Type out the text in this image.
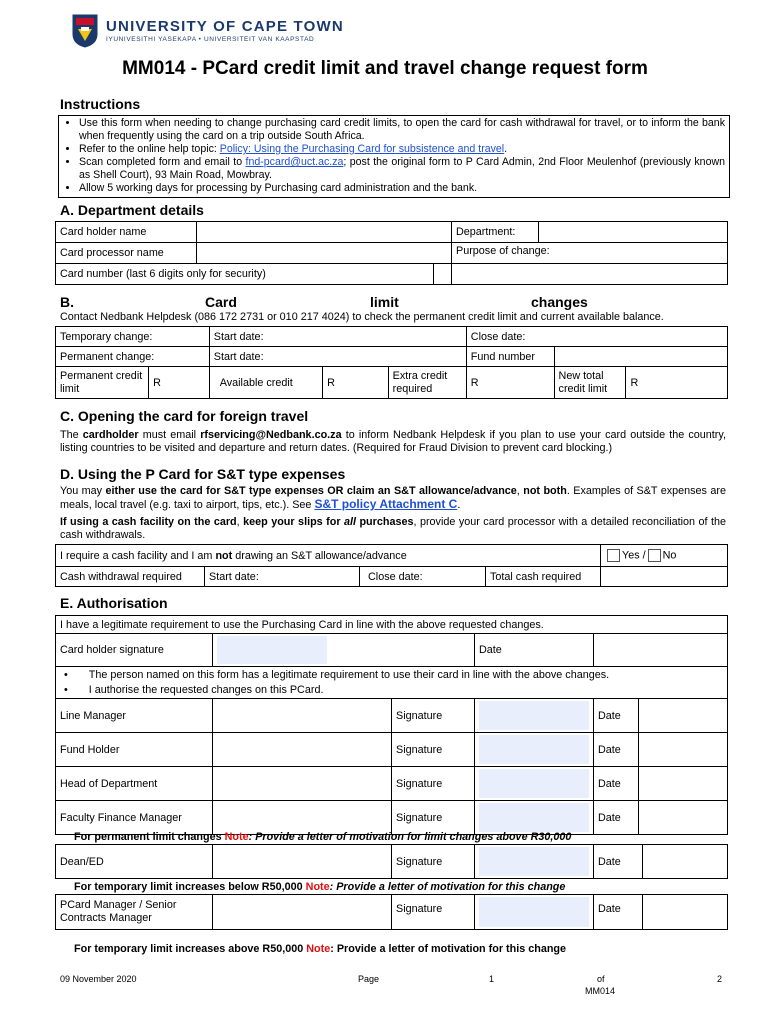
UNIVERSITY OF CAPE TOWN
IYUNIVESITHI YASEKAPA • UNIVERSITEIT VAN KAAPSTAD
MM014 - PCard credit limit and travel change request form
Instructions
• Use this form when needing to change purchasing card credit limits, to open the card for cash withdrawal for travel, or to inform the bank when frequently using the card on a trip outside South Africa.
• Refer to the online help topic: Policy: Using the Purchasing Card for subsistence and travel.
• Scan completed form and email to fnd-pcard@uct.ac.za; post the original form to P Card Admin, 2nd Floor Meulenhof (previously known as Shell Court), 93 Main Road, Mowbray.
• Allow 5 working days for processing by Purchasing card administration and the bank.
A. Department details
Card holder name			Department:	
Card processor name			Purpose of change:	
Card number (last 6 digits only for security)				
B.	Card	limit	changes
Contact Nedbank Helpdesk (086 172 2731 or 010 217 4024) to check the permanent credit limit and current available balance.
Temporary change:		Start date:			Close date:		
Permanent change:		Start date:			Fund number		
Permanent credit limit	R	Available credit	R	Extra credit required	R	New total credit limit	R
C. Opening the card for foreign travel
The cardholder must email rfservicing@Nedbank.co.za to inform Nedbank Helpdesk if you plan to use your card outside the country, listing countries to be visited and departure and return dates. (Required for Fraud Division to prevent card blocking.)
D. Using the P Card for S&T type expenses
You may either use the card for S&T type expenses OR claim an S&T allowance/advance, not both. Examples of S&T expenses are meals, local travel (e.g. taxi to airport, tips, etc.). See S&T policy Attachment C.
If using a cash facility on the card, keep your slips for all purchases, provide your card processor with a detailed reconciliation of the cash withdrawals.
I require a cash facility and I am not drawing an S&T allowance/advance				Yes / No
Cash withdrawal required	Start date:	Close date:	Total cash required	
E. Authorisation
I have a legitimate requirement to use the Purchasing Card in line with the above requested changes.					
Card holder signature			Date		

•       The person named on this form has a legitimate requirement to use their card in line with the above changes.
•       I authorise the requested changes on this PCard.					

Line Manager		Signature		Date	
Fund Holder		Signature		Date	
Head of Department		Signature		Date	
Faculty Finance Manager		Signature		Date	
For permanent limit changes Note: Provide a letter of motivation for limit changes above R30,000
Dean/ED		Signature		Date	
For temporary limit increases below R50,000 Note: Provide a letter of motivation for this change
PCard Manager / Senior Contracts Manager		Signature		Date	
For temporary limit increases above R50,000 Note: Provide a letter of motivation for this change
09 November 2020	Page	1	of
MM014
2
